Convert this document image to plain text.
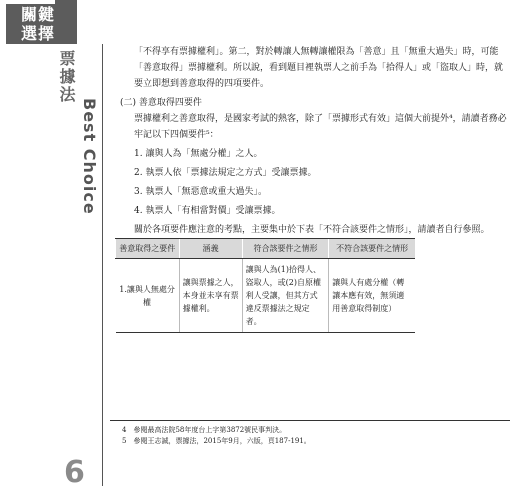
關鍵
選擇
票據法
Best Choice
6

「不得享有票據權利」。第二，對於轉讓人無轉讓權限為「善意」且「無重大過失」時，可能「善意取得」票據權利。所以說，看到題目裡執票人之前手為「拾得人」或「盜取人」時，就要立即想到善意取得的四項要件。

(二) 善意取得四要件

票據權利之善意取得，是國家考試的熱客，除了「票據形式有效」這個大前提外⁴，請讀者務必牢記以下四個要件⁵：

1. 讓與人為「無處分權」之人。
2. 執票人依「票據法規定之方式」受讓票據。
3. 執票人「無惡意或重大過失」。
4. 執票人「有相當對價」受讓票據。

關於各項要件應注意的考點，主要集中於下表「不符合該要件之情形」，請讀者自行參照。

善意取得之要件	涵義	符合該要件之情形	不符合該要件之情形
1.讓與人無處分權	讓與票據之人，本身並未享有票據權利。	讓與人為(1)拾得人、盜取人，或(2)自原權利人受讓，但其方式違反票據法之規定者。	讓與人有處分權（轉讓本應有效，無須適用善意取得制度）
4　參閱最高法院58年度台上字第3872號民事判決。
5　參閱王志誠，票據法，2015年9月，六版，頁187-191。
